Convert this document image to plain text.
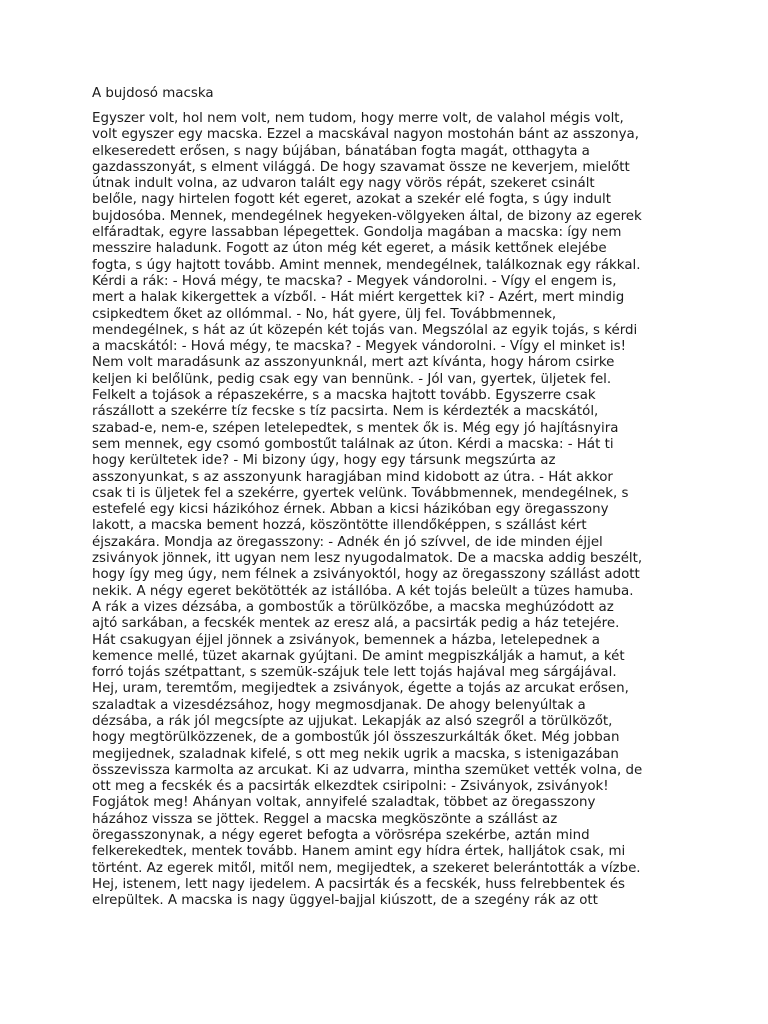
A bujdosó macska
Egyszer volt, hol nem volt, nem tudom, hogy merre volt, de valahol mégis volt,
volt egyszer egy macska. Ezzel a macskával nagyon mostohán bánt az asszonya,
elkeseredett erősen, s nagy bújában, bánatában fogta magát, otthagyta a
gazdasszonyát, s elment világgá. De hogy szavamat össze ne keverjem, mielőtt
útnak indult volna, az udvaron talált egy nagy vörös répát, szekeret csinált
belőle, nagy hirtelen fogott két egeret, azokat a szekér elé fogta, s úgy indult
bujdosóba. Mennek, mendegélnek hegyeken-völgyeken által, de bizony az egerek
elfáradtak, egyre lassabban lépegettek. Gondolja magában a macska: így nem
messzire haladunk. Fogott az úton még két egeret, a másik kettőnek elejébe
fogta, s úgy hajtott tovább. Amint mennek, mendegélnek, találkoznak egy rákkal.
Kérdi a rák: - Hová mégy, te macska? - Megyek vándorolni. - Vígy el engem is,
mert a halak kikergettek a vízből. - Hát miért kergettek ki? - Azért, mert mindig
csipkedtem őket az ollómmal. - No, hát gyere, ülj fel. Továbbmennek,
mendegélnek, s hát az út közepén két tojás van. Megszólal az egyik tojás, s kérdi
a macskától: - Hová mégy, te macska? - Megyek vándorolni. - Vígy el minket is!
Nem volt maradásunk az asszonyunknál, mert azt kívánta, hogy három csirke
keljen ki belőlünk, pedig csak egy van bennünk. - Jól van, gyertek, üljetek fel.
Felkelt a tojások a répaszekérre, s a macska hajtott tovább. Egyszerre csak
rászállott a szekérre tíz fecske s tíz pacsirta. Nem is kérdezték a macskától,
szabad-e, nem-e, szépen letelepedtek, s mentek ők is. Még egy jó hajításnyira
sem mennek, egy csomó gombostűt találnak az úton. Kérdi a macska: - Hát ti
hogy kerültetek ide? - Mi bizony úgy, hogy egy társunk megszúrta az
asszonyunkat, s az asszonyunk haragjában mind kidobott az útra. - Hát akkor
csak ti is üljetek fel a szekérre, gyertek velünk. Továbbmennek, mendegélnek, s
estefelé egy kicsi házikóhoz érnek. Abban a kicsi házikóban egy öregasszony
lakott, a macska bement hozzá, köszöntötte illendőképpen, s szállást kért
éjszakára. Mondja az öregasszony: - Adnék én jó szívvel, de ide minden éjjel
zsiványok jönnek, itt ugyan nem lesz nyugodalmatok. De a macska addig beszélt,
hogy így meg úgy, nem félnek a zsiványoktól, hogy az öregasszony szállást adott
nekik. A négy egeret bekötötték az istállóba. A két tojás beleült a tüzes hamuba.
A rák a vizes dézsába, a gombostűk a törülközőbe, a macska meghúzódott az
ajtó sarkában, a fecskék mentek az eresz alá, a pacsirták pedig a ház tetejére.
Hát csakugyan éjjel jönnek a zsiványok, bemennek a házba, letelepednek a
kemence mellé, tüzet akarnak gyújtani. De amint megpiszkálják a hamut, a két
forró tojás szétpattant, s szemük-szájuk tele lett tojás hajával meg sárgájával.
Hej, uram, teremtőm, megijedtek a zsiványok, égette a tojás az arcukat erősen,
szaladtak a vizesdézsához, hogy megmosdjanak. De ahogy belenyúltak a
dézsába, a rák jól megcsípte az ujjukat. Lekapják az alsó szegről a törülközőt,
hogy megtörülközzenek, de a gombostűk jól összeszurkálták őket. Még jobban
megijednek, szaladnak kifelé, s ott meg nekik ugrik a macska, s istenigazában
összevissza karmolta az arcukat. Ki az udvarra, mintha szemüket vették volna, de
ott meg a fecskék és a pacsirták elkezdtek csiripolni: - Zsiványok, zsiványok!
Fogjátok meg! Ahányan voltak, annyifelé szaladtak, többet az öregasszony
házához vissza se jöttek. Reggel a macska megköszönte a szállást az
öregasszonynak, a négy egeret befogta a vörösrépa szekérbe, aztán mind
felkerekedtek, mentek tovább. Hanem amint egy hídra értek, halljátok csak, mi
történt. Az egerek mitől, mitől nem, megijedtek, a szekeret belerántották a vízbe.
Hej, istenem, lett nagy ijedelem. A pacsirták és a fecskék, huss felrebbentek és
elrepültek. A macska is nagy üggyel-bajjal kiúszott, de a szegény rák az ott
